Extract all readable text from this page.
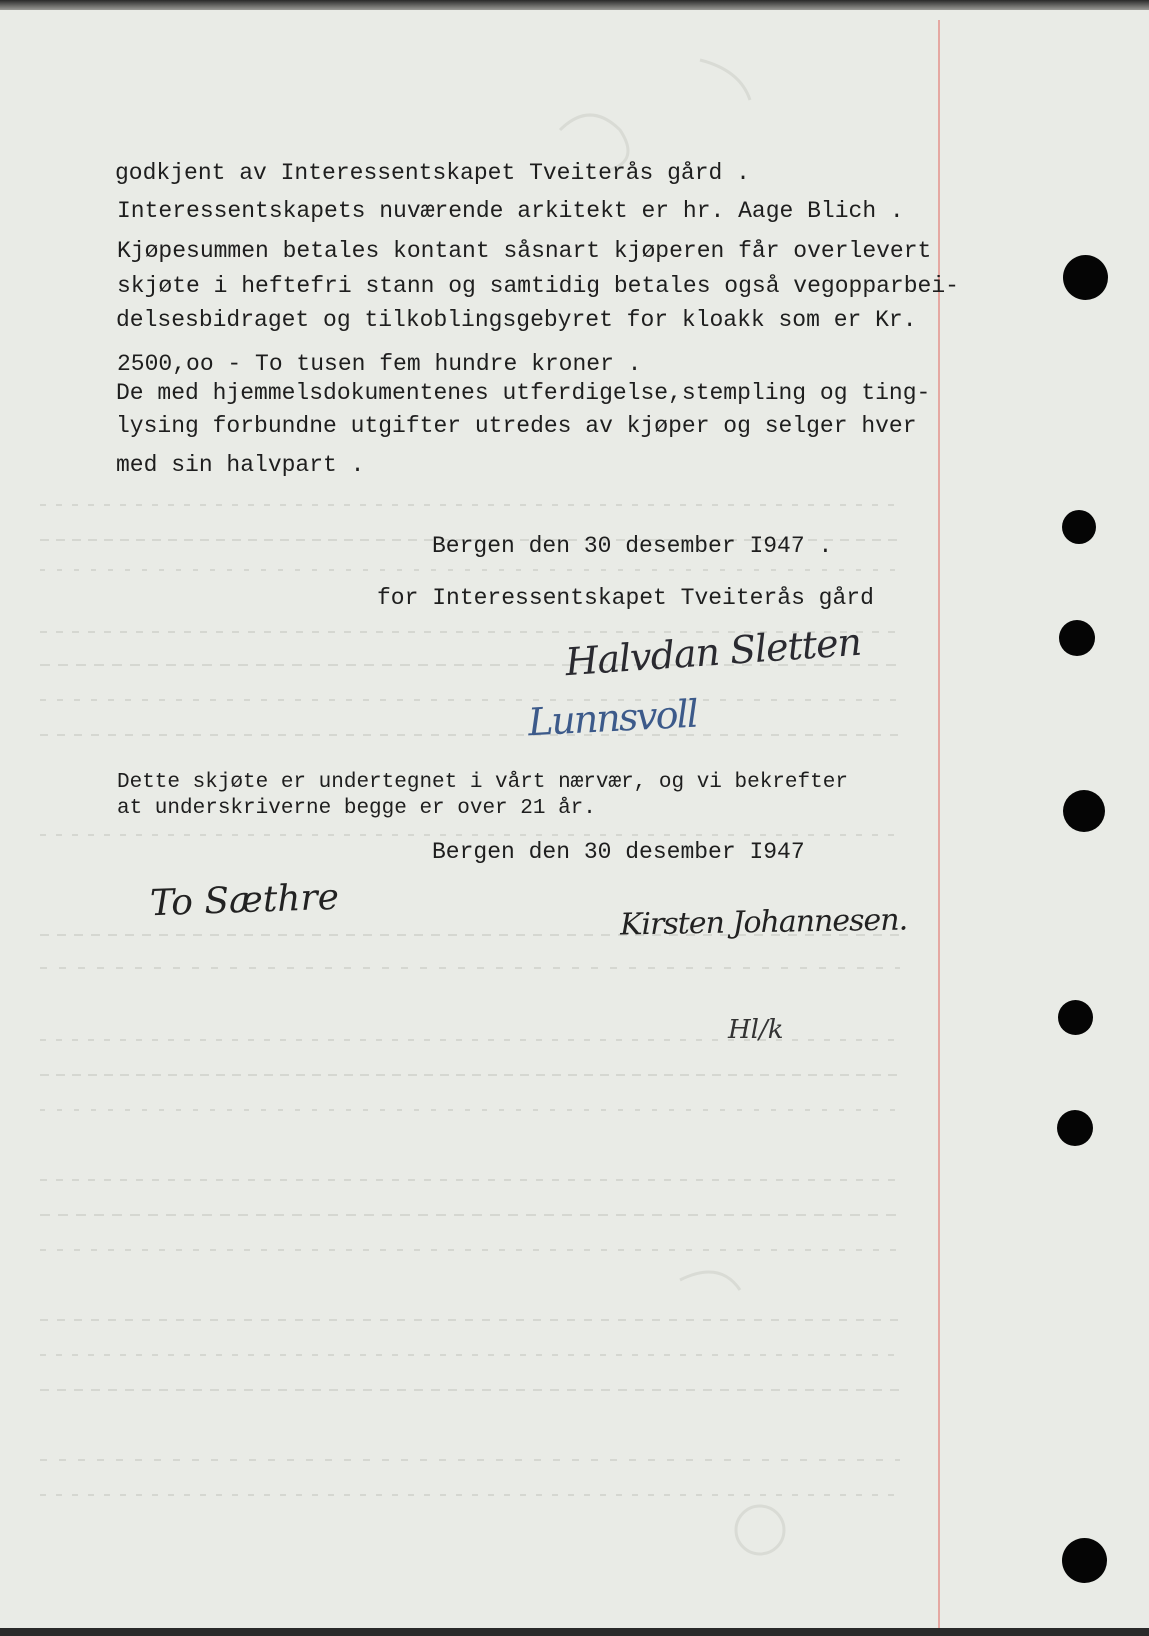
godkjent av Interessentskapet Tveiterås gård .

Interessentskapets nuværende arkitekt er hr. Aage Blich .

Kjøpesummen betales kontant såsnart kjøperen får overlevert

skjøte i heftefri stann og samtidig betales også vegopparbei-

delsesbidraget og tilkoblingsgebyret for kloakk som er Kr.

2500,oo - To tusen fem hundre kroner .

De med hjemmelsdokumentenes utferdigelse,stempling og ting-

lysing forbundne utgifter utredes av kjøper og selger hver

med sin halvpart .

Bergen den 30 desember I947 .

for Interessentskapet Tveiterås gård

Halvdan Sletten
Lunnsvoll

Dette skjøte er undertegnet i vårt nærvær, og vi bekrefter

at underskriverne begge er over 21 år.

Bergen den 30 desember I947

To Sæthre	Kirsten Johannesen.
Hl/k
